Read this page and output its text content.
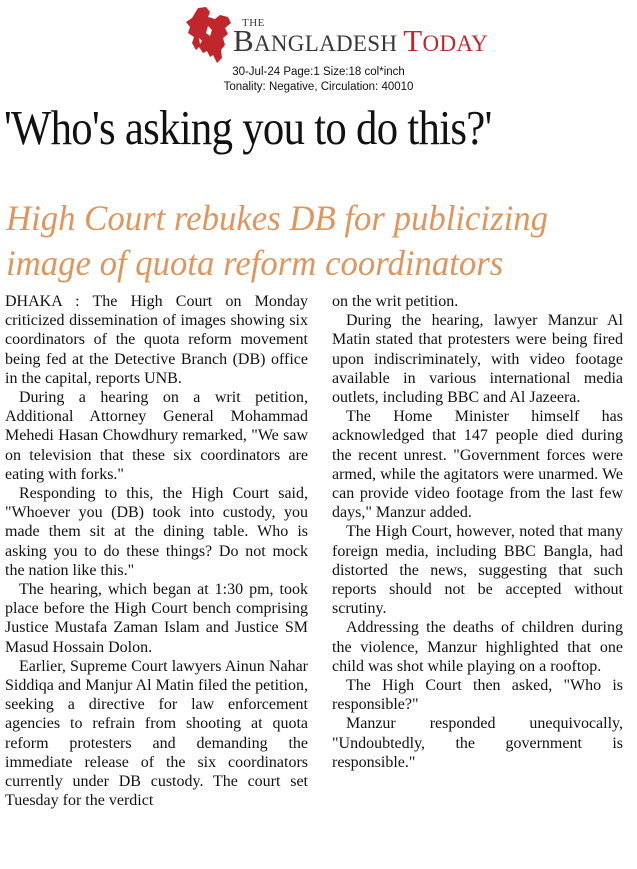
THE
BANGLADESH TODAY
30-Jul-24 Page:1 Size:18 col*inch
Tonality: Negative, Circulation: 40010
'Who's asking you to do this?'
High Court rebukes DB for publicizing
image of quota reform coordinators

DHAKA : The High Court on Monday criticized dissemination of images showing six coordinators of the quota reform movement being fed at the Detective Branch (DB) office in the capital, reports UNB.

During a hearing on a writ petition, Additional Attorney General Mohammad Mehedi Hasan Chowdhury remarked, "We saw on television that these six coordinators are eating with forks."

Responding to this, the High Court said, "Whoever you (DB) took into custody, you made them sit at the dining table. Who is asking you to do these things? Do not mock the nation like this."

The hearing, which began at 1:30 pm, took place before the High Court bench comprising Justice Mustafa Zaman Islam and Justice SM Masud Hossain Dolon.

Earlier, Supreme Court lawyers Ainun Nahar Siddiqa and Manjur Al Matin filed the petition, seeking a directive for law enforcement agencies to refrain from shooting at quota reform protesters and demanding the immediate release of the six coordinators currently under DB custody. The court set Tuesday for the verdict

on the writ petition.

During the hearing, lawyer Manzur Al Matin stated that protesters were being fired upon indiscriminately, with video footage available in various international media outlets, including BBC and Al Jazeera.

The Home Minister himself has acknowledged that 147 people died during the recent unrest. "Government forces were armed, while the agitators were unarmed. We can provide video footage from the last few days," Manzur added.

The High Court, however, noted that many foreign media, including BBC Bangla, had distorted the news, suggesting that such reports should not be accepted without scrutiny.

Addressing the deaths of children during the violence, Manzur highlighted that one child was shot while playing on a rooftop.

The High Court then asked, "Who is responsible?"

Manzur responded unequivocally, "Undoubtedly, the government is responsible."
